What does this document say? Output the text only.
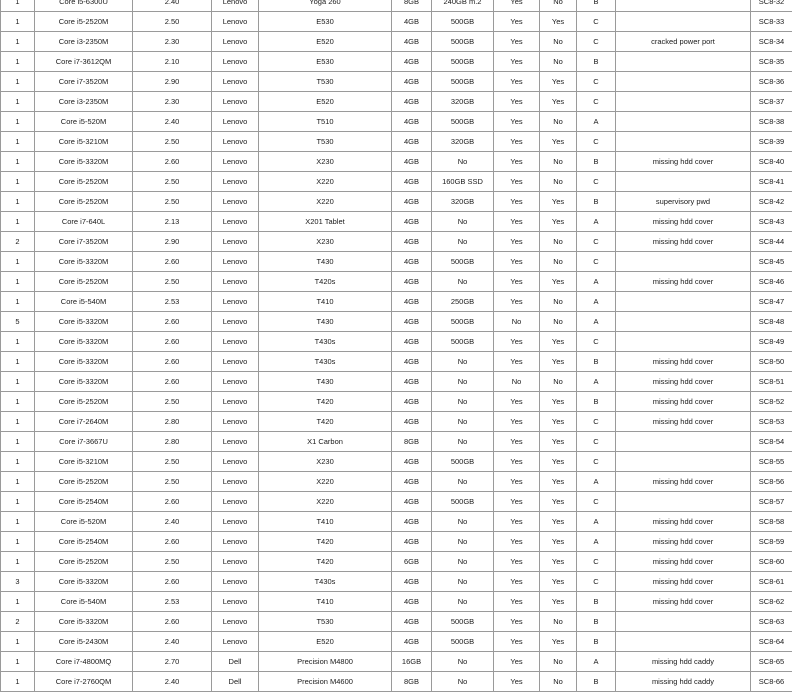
1	Core i5-6300U	2.40	Lenovo	Yoga 260	8GB	240GB m.2	Yes	No	B		SC8-32
1	Core i5-2520M	2.50	Lenovo	E530	4GB	500GB	Yes	Yes	C		SC8-33
1	Core i3-2350M	2.30	Lenovo	E520	4GB	500GB	Yes	No	C	cracked power port	SC8-34
1	Core i7-3612QM	2.10	Lenovo	E530	4GB	500GB	Yes	No	B		SC8-35
1	Core i7-3520M	2.90	Lenovo	T530	4GB	500GB	Yes	Yes	C		SC8-36
1	Core i3-2350M	2.30	Lenovo	E520	4GB	320GB	Yes	Yes	C		SC8-37
1	Core i5-520M	2.40	Lenovo	T510	4GB	500GB	Yes	No	A		SC8-38
1	Core i5-3210M	2.50	Lenovo	T530	4GB	320GB	Yes	Yes	C		SC8-39
1	Core i5-3320M	2.60	Lenovo	X230	4GB	No	Yes	No	B	missing hdd cover	SC8-40
1	Core i5-2520M	2.50	Lenovo	X220	4GB	160GB SSD	Yes	No	C		SC8-41
1	Core i5-2520M	2.50	Lenovo	X220	4GB	320GB	Yes	Yes	B	supervisory pwd	SC8-42
1	Core i7-640L	2.13	Lenovo	X201 Tablet	4GB	No	Yes	Yes	A	missing hdd cover	SC8-43
2	Core i7-3520M	2.90	Lenovo	X230	4GB	No	Yes	No	C	missing hdd cover	SC8-44
1	Core i5-3320M	2.60	Lenovo	T430	4GB	500GB	Yes	No	C		SC8-45
1	Core i5-2520M	2.50	Lenovo	T420s	4GB	No	Yes	Yes	A	missing hdd cover	SC8-46
1	Core i5-540M	2.53	Lenovo	T410	4GB	250GB	Yes	No	A		SC8-47
5	Core i5-3320M	2.60	Lenovo	T430	4GB	500GB	No	No	A		SC8-48
1	Core i5-3320M	2.60	Lenovo	T430s	4GB	500GB	Yes	Yes	C		SC8-49
1	Core i5-3320M	2.60	Lenovo	T430s	4GB	No	Yes	Yes	B	missing hdd cover	SC8-50
1	Core i5-3320M	2.60	Lenovo	T430	4GB	No	No	No	A	missing hdd cover	SC8-51
1	Core i5-2520M	2.50	Lenovo	T420	4GB	No	Yes	Yes	B	missing hdd cover	SC8-52
1	Core i7-2640M	2.80	Lenovo	T420	4GB	No	Yes	Yes	C	missing hdd cover	SC8-53
1	Core i7-3667U	2.80	Lenovo	X1 Carbon	8GB	No	Yes	Yes	C		SC8-54
1	Core i5-3210M	2.50	Lenovo	X230	4GB	500GB	Yes	Yes	C		SC8-55
1	Core i5-2520M	2.50	Lenovo	X220	4GB	No	Yes	Yes	A	missing hdd cover	SC8-56
1	Core i5-2540M	2.60	Lenovo	X220	4GB	500GB	Yes	Yes	C		SC8-57
1	Core i5-520M	2.40	Lenovo	T410	4GB	No	Yes	Yes	A	missing hdd cover	SC8-58
1	Core i5-2540M	2.60	Lenovo	T420	4GB	No	Yes	Yes	A	missing hdd cover	SC8-59
1	Core i5-2520M	2.50	Lenovo	T420	6GB	No	Yes	Yes	C	missing hdd cover	SC8-60
3	Core i5-3320M	2.60	Lenovo	T430s	4GB	No	Yes	Yes	C	missing hdd cover	SC8-61
1	Core i5-540M	2.53	Lenovo	T410	4GB	No	Yes	Yes	B	missing hdd cover	SC8-62
2	Core i5-3320M	2.60	Lenovo	T530	4GB	500GB	Yes	No	B		SC8-63
1	Core i5-2430M	2.40	Lenovo	E520	4GB	500GB	Yes	Yes	B		SC8-64
1	Core i7-4800MQ	2.70	Dell	Precision M4800	16GB	No	Yes	No	A	missing hdd caddy	SC8-65
1	Core i7-2760QM	2.40	Dell	Precision M4600	8GB	No	Yes	No	B	missing hdd caddy	SC8-66
